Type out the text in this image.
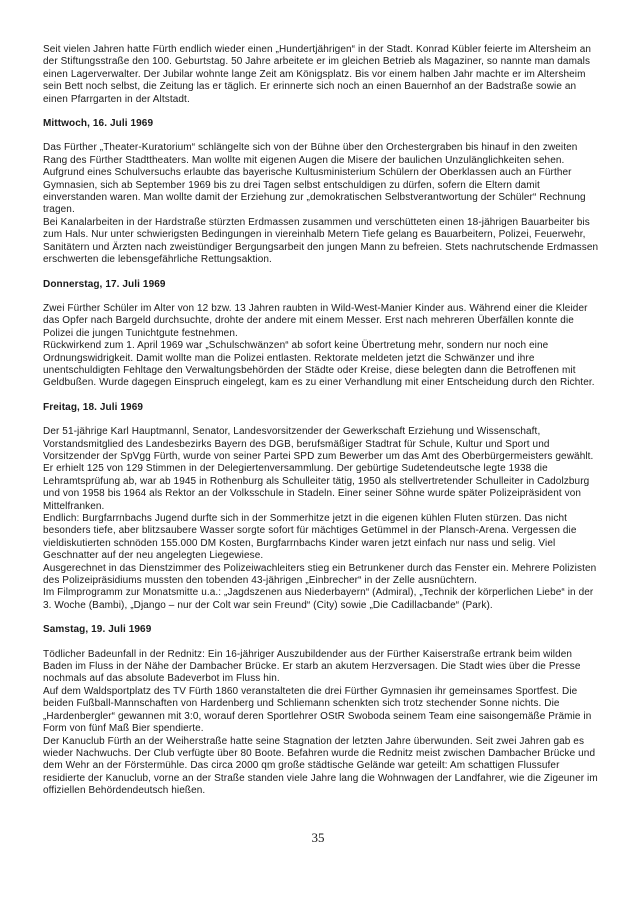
Seit vielen Jahren hatte Fürth endlich wieder einen „Hundertjährigen“ in der Stadt. Konrad Kübler feierte im Altersheim an der Stiftungsstraße den 100. Geburtstag. 50 Jahre arbeitete er im gleichen Betrieb als Magaziner, so nannte man damals einen Lagerverwalter. Der Jubilar wohnte lange Zeit am Königsplatz. Bis vor einem halben Jahr machte er im Altersheim sein Bett noch selbst, die Zeitung las er täglich. Er erinnerte sich noch an einen Bauernhof an der Badstraße sowie an einen Pfarrgarten in der Altstadt.

Mittwoch, 16. Juli 1969

Das Fürther „Theater-Kuratorium“ schlängelte sich von der Bühne über den Orchestergraben bis hinauf in den zweiten Rang des Fürther Stadttheaters. Man wollte mit eigenen Augen die Misere der baulichen Unzulänglichkeiten sehen.

Aufgrund eines Schulversuchs erlaubte das bayerische Kultusministerium Schülern der Oberklassen auch an Fürther Gymnasien, sich ab September 1969 bis zu drei Tagen selbst entschuldigen zu dürfen, sofern die Eltern damit einverstanden waren. Man wollte damit der Erziehung zur „demokratischen Selbstverantwortung der Schüler“ Rechnung tragen.

Bei Kanalarbeiten in der Hardstraße stürzten Erdmassen zusammen und verschütteten einen 18-jährigen Bauarbeiter bis zum Hals. Nur unter schwierigsten Bedingungen in viereinhalb Metern Tiefe gelang es Bauarbeitern, Polizei, Feuerwehr, Sanitätern und Ärzten nach zweistündiger Bergungsarbeit den jungen Mann zu befreien. Stets nachrutschende Erdmassen erschwerten die lebensgefährliche Rettungsaktion.

Donnerstag, 17. Juli 1969

Zwei Fürther Schüler im Alter von 12 bzw. 13 Jahren raubten in Wild-West-Manier Kinder aus. Während einer die Kleider das Opfer nach Bargeld durchsuchte, drohte der andere mit einem Messer. Erst nach mehreren Überfällen konnte die Polizei die jungen Tunichtgute festnehmen.

Rückwirkend zum 1. April 1969 war „Schulschwänzen“ ab sofort keine Übertretung mehr, sondern nur noch eine Ordnungswidrigkeit. Damit wollte man die Polizei entlasten. Rektorate meldeten jetzt die Schwänzer und ihre unentschuldigten Fehltage den Verwaltungsbehörden der Städte oder Kreise, diese belegten dann die Betroffenen mit Geldbußen. Wurde dagegen Einspruch eingelegt, kam es zu einer Verhandlung mit einer Entscheidung durch den Richter.

Freitag, 18. Juli 1969

Der 51-jährige Karl Hauptmannl, Senator, Landesvorsitzender der Gewerkschaft Erziehung und Wissenschaft, Vorstandsmitglied des Landesbezirks Bayern des DGB, berufsmäßiger Stadtrat für Schule, Kultur und Sport und Vorsitzender der SpVgg Fürth, wurde von seiner Partei SPD zum Bewerber um das Amt des Oberbürgermeisters gewählt. Er erhielt 125 von 129 Stimmen in der Delegiertenversammlung. Der gebürtige Sudetendeutsche legte 1938 die Lehramtsprüfung ab, war ab 1945 in Rothenburg als Schulleiter tätig, 1950 als stellvertretender Schulleiter in Cadolzburg und von 1958 bis 1964 als Rektor an der Volksschule in Stadeln. Einer seiner Söhne wurde später Polizeipräsident von Mittelfranken.

Endlich: Burgfarrnbachs Jugend durfte sich in der Sommerhitze jetzt in die eigenen kühlen Fluten stürzen. Das nicht besonders tiefe, aber blitzsaubere Wasser sorgte sofort für mächtiges Getümmel in der Plansch-Arena. Vergessen die vieldiskutierten schnöden 155.000 DM Kosten, Burgfarrnbachs Kinder waren jetzt einfach nur nass und selig. Viel Geschnatter auf der neu angelegten Liegewiese.

Ausgerechnet in das Dienstzimmer des Polizeiwachleiters stieg ein Betrunkener durch das Fenster ein. Mehrere Polizisten des Polizeipräsidiums mussten den tobenden 43-jährigen „Einbrecher“ in der Zelle ausnüchtern.

Im Filmprogramm zur Monatsmitte u.a.: „Jagdszenen aus Niederbayern“ (Admiral), „Technik der körperlichen Liebe“ in der 3. Woche (Bambi), „Django – nur der Colt war sein Freund“ (City) sowie „Die Cadillacbande“ (Park).

Samstag, 19. Juli 1969

Tödlicher Badeunfall in der Rednitz: Ein 16-jähriger Auszubildender aus der Fürther Kaiserstraße ertrank beim wilden Baden im Fluss in der Nähe der Dambacher Brücke. Er starb an akutem Herzversagen. Die Stadt wies über die Presse nochmals auf das absolute Badeverbot im Fluss hin.

Auf dem Waldsportplatz des TV Fürth 1860 veranstalteten die drei Fürther Gymnasien ihr gemeinsames Sportfest. Die beiden Fußball-Mannschaften von Hardenberg und Schliemann schenkten sich trotz stechender Sonne nichts. Die „Hardenbergler“ gewannen mit 3:0, worauf deren Sportlehrer OStR Swoboda seinem Team eine saisongemäße Prämie in Form von fünf Maß Bier spendierte.

Der Kanuclub Fürth an der Weiherstraße hatte seine Stagnation der letzten Jahre überwunden. Seit zwei Jahren gab es wieder Nachwuchs. Der Club verfügte über 80 Boote. Befahren wurde die Rednitz meist zwischen Dambacher Brücke und dem Wehr an der Förstermühle. Das circa 2000 qm große städtische Gelände war geteilt: Am schattigen Flussufer residierte der Kanuclub, vorne an der Straße standen viele Jahre lang die Wohnwagen der Landfahrer, wie die Zigeuner im offiziellen Behördendeutsch hießen.

35
